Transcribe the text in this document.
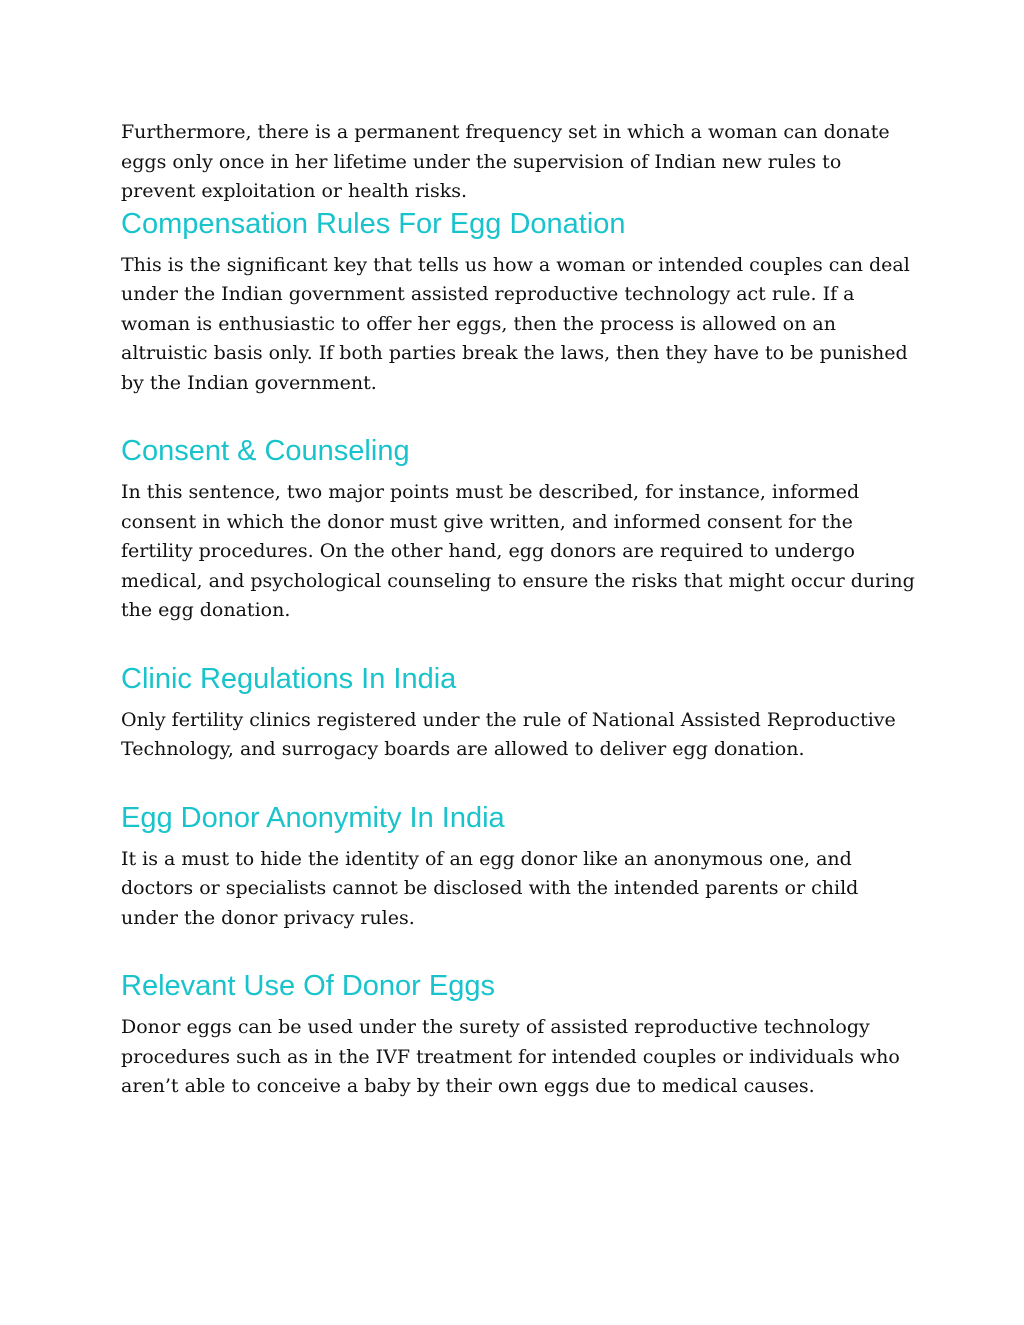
Furthermore, there is a permanent frequency set in which a woman can donate eggs only once in her lifetime under the supervision of Indian new rules to prevent exploitation or health risks.

Compensation Rules For Egg Donation

This is the significant key that tells us how a woman or intended couples can deal under the Indian government assisted reproductive technology act rule. If a woman is enthusiastic to offer her eggs, then the process is allowed on an altruistic basis only. If both parties break the laws, then they have to be punished by the Indian government.

Consent & Counseling

In this sentence, two major points must be described, for instance, informed consent in which the donor must give written, and informed consent for the fertility procedures. On the other hand, egg donors are required to undergo medical, and psychological counseling to ensure the risks that might occur during the egg donation.

Clinic Regulations In India

Only fertility clinics registered under the rule of National Assisted Reproductive Technology, and surrogacy boards are allowed to deliver egg donation.

Egg Donor Anonymity In India

It is a must to hide the identity of an egg donor like an anonymous one, and doctors or specialists cannot be disclosed with the intended parents or child under the donor privacy rules.

Relevant Use Of Donor Eggs

Donor eggs can be used under the surety of assisted reproductive technology procedures such as in the IVF treatment for intended couples or individuals who aren’t able to conceive a baby by their own eggs due to medical causes.
